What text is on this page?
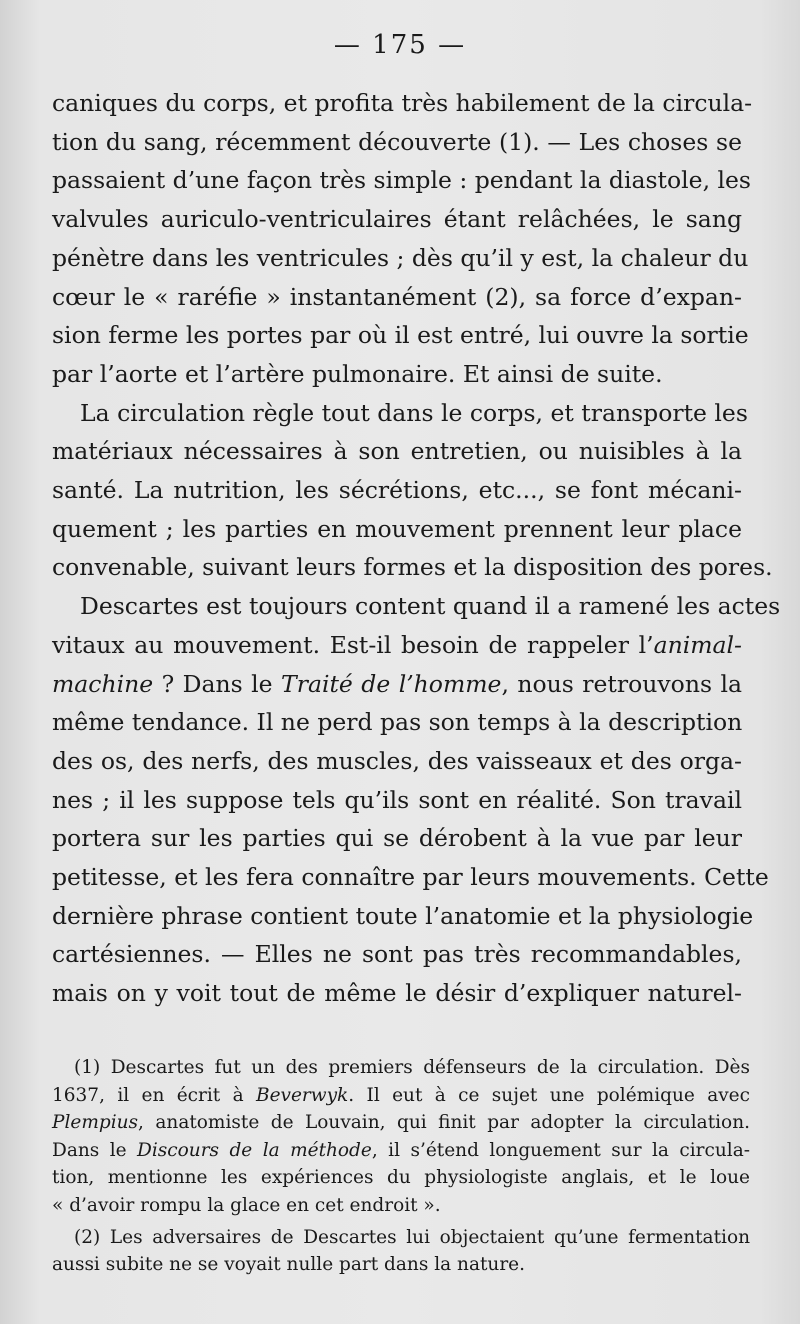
— 175 —

caniques du corps, et profita très habilement de la circula-
tion du sang, récemment découverte (1). — Les choses se
passaient d’une façon très simple : pendant la diastole, les
valvules auriculo-ventriculaires étant relâchées, le sang
pénètre dans les ventricules ; dès qu’il y est, la chaleur du
cœur le « raréfie » instantanément (2), sa force d’expan-
sion ferme les portes par où il est entré, lui ouvre la sortie
par l’aorte et l’artère pulmonaire. Et ainsi de suite.

La circulation règle tout dans le corps, et transporte les
matériaux nécessaires à son entretien, ou nuisibles à la
santé. La nutrition, les sécrétions, etc..., se font mécani-
quement ; les parties en mouvement prennent leur place
convenable, suivant leurs formes et la disposition des pores.

Descartes est toujours content quand il a ramené les actes
vitaux au mouvement. Est-il besoin de rappeler l’animal-
machine ? Dans le Traité de l’homme, nous retrouvons la
même tendance. Il ne perd pas son temps à la description
des os, des nerfs, des muscles, des vaisseaux et des orga-
nes ; il les suppose tels qu’ils sont en réalité. Son travail
portera sur les parties qui se dérobent à la vue par leur
petitesse, et les fera connaître par leurs mouvements. Cette
dernière phrase contient toute l’anatomie et la physiologie
cartésiennes. — Elles ne sont pas très recommandables,
mais on y voit tout de même le désir d’expliquer naturel-

(1) Descartes fut un des premiers défenseurs de la circulation. Dès
1637, il en écrit à Beverwyk. Il eut à ce sujet une polémique avec
Plempius, anatomiste de Louvain, qui finit par adopter la circulation.
Dans le Discours de la méthode, il s’étend longuement sur la circula-
tion, mentionne les expériences du physiologiste anglais, et le loue
« d’avoir rompu la glace en cet endroit ».
(2) Les adversaires de Descartes lui objectaient qu’une fermentation
aussi subite ne se voyait nulle part dans la nature.
